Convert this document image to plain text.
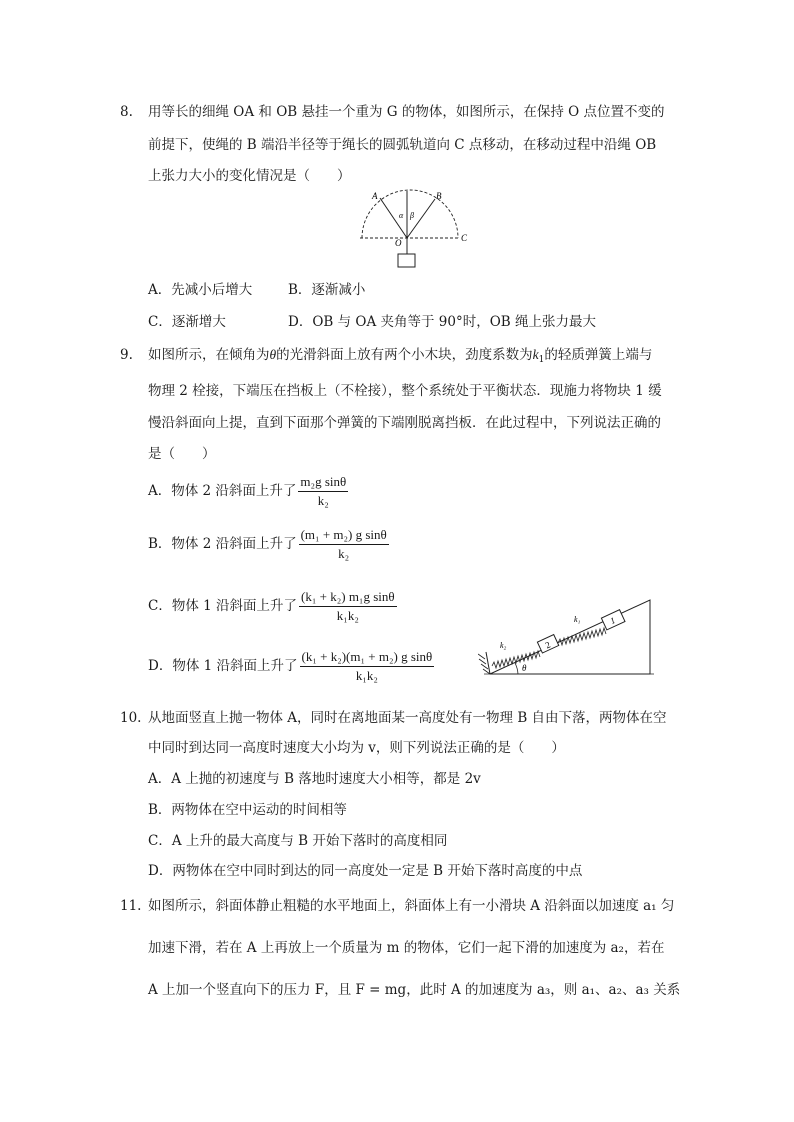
8. 用等长的细绳 OA 和 OB 悬挂一个重为 G 的物体，如图所示，在保持 O 点位置不变的
前提下，使绳的 B 端沿半径等于绳长的圆弧轨道向 C 点移动，在移动过程中沿绳 OB
上张力大小的变化情况是（　　）
A	B
C
O
α β
A．先减小后增大	B．逐渐减小
C．逐渐增大	D．OB 与 OA 夹角等于 90°时，OB 绳上张力最大
9. 如图所示，在倾角为θ的光滑斜面上放有两个小木块，劲度系数为$k_1$的轻质弹簧上端与
物理 2 栓接，下端压在挡板上（不栓接），整个系统处于平衡状态．现施力将物块 1 缓
慢沿斜面向上提，直到下面那个弹簧的下端刚脱离挡板．在此过程中，下列说法正确的
是（　　）
A．物体 2 沿斜面上升了 $\frac{\text{m₂g sinθ}}{\text{k₂}}$
B．物体 2 沿斜面上升了 $\frac{\text{(m₁ + m₂) g sinθ}}{\text{k₂}}$
C．物体 1 沿斜面上升了 $\frac{\text{(k₁ + k₂) m₁g sinθ}}{\text{k₁k₂}}$
D．物体 1 沿斜面上升了 $\frac{\text{(k₁ + k₂)(m₁ + m₂) g sinθ}}{\text{k₁k₂}}$
2
1
k₁
k₂
θ
10. 从地面竖直上抛一物体 A，同时在离地面某一高度处有一物理 B 自由下落，两物体在空
中同时到达同一高度时速度大小均为 v，则下列说法正确的是（　　）
A．A 上抛的初速度与 B 落地时速度大小相等，都是 2v
B．两物体在空中运动的时间相等
C．A 上升的最大高度与 B 开始下落时的高度相同
D．两物体在空中同时到达的同一高度处一定是 B 开始下落时高度的中点
11. 如图所示，斜面体静止粗糙的水平地面上，斜面体上有一小滑块 A 沿斜面以加速度 a₁ 匀
加速下滑，若在 A 上再放上一个质量为 m 的物体，它们一起下滑的加速度为 a₂，若在
A 上加一个竖直向下的压力 F，且 F = mg，此时 A 的加速度为 a₃，则 a₁、a₂、a₃ 关系
